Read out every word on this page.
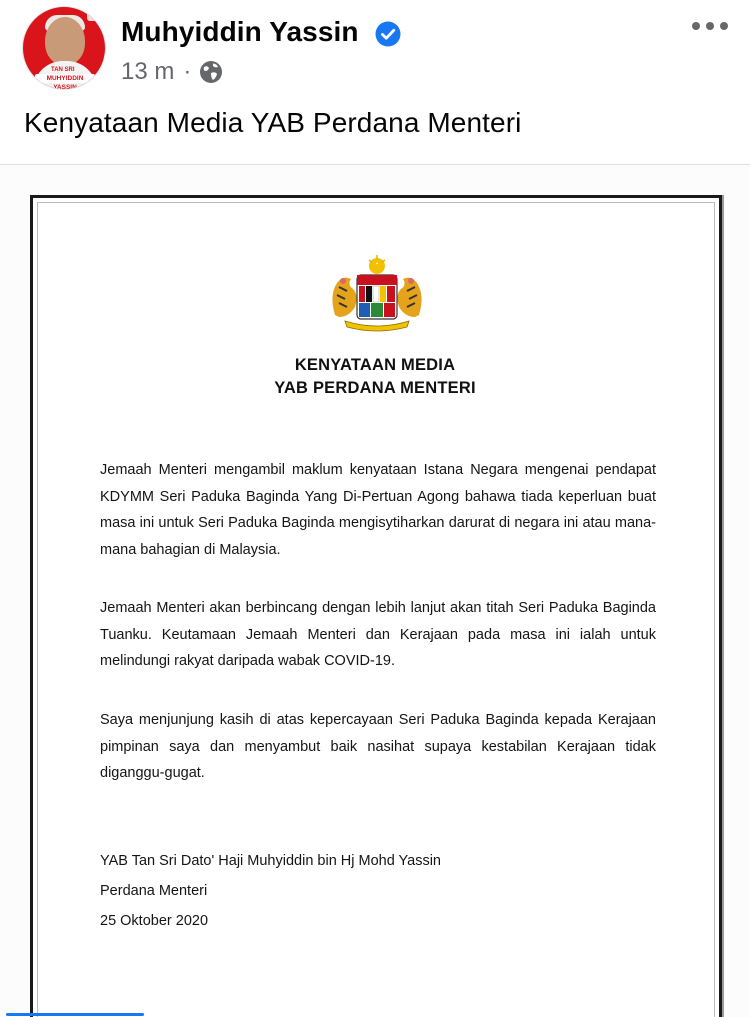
TAN SRI
MUHYIDDIN YASSIN
Muhyiddin Yassin
13 m ·
Kenyataan Media YAB Perdana Menteri
KENYATAAN MEDIA
YAB PERDANA MENTERI
Jemaah Menteri mengambil maklum kenyataan Istana Negara mengenai pendapat KDYMM Seri Paduka Baginda Yang Di-Pertuan Agong bahawa tiada keperluan buat masa ini untuk Seri Paduka Baginda mengisytiharkan darurat di negara ini atau mana-mana bahagian di Malaysia.
Jemaah Menteri akan berbincang dengan lebih lanjut akan titah Seri Paduka Baginda Tuanku. Keutamaan Jemaah Menteri dan Kerajaan pada masa ini ialah untuk melindungi rakyat daripada wabak COVID-19.
Saya menjunjung kasih di atas kepercayaan Seri Paduka Baginda kepada Kerajaan pimpinan saya dan menyambut baik nasihat supaya kestabilan Kerajaan tidak diganggu-gugat.
YAB Tan Sri Dato' Haji Muhyiddin bin Hj Mohd Yassin
Perdana Menteri
25 Oktober 2020
